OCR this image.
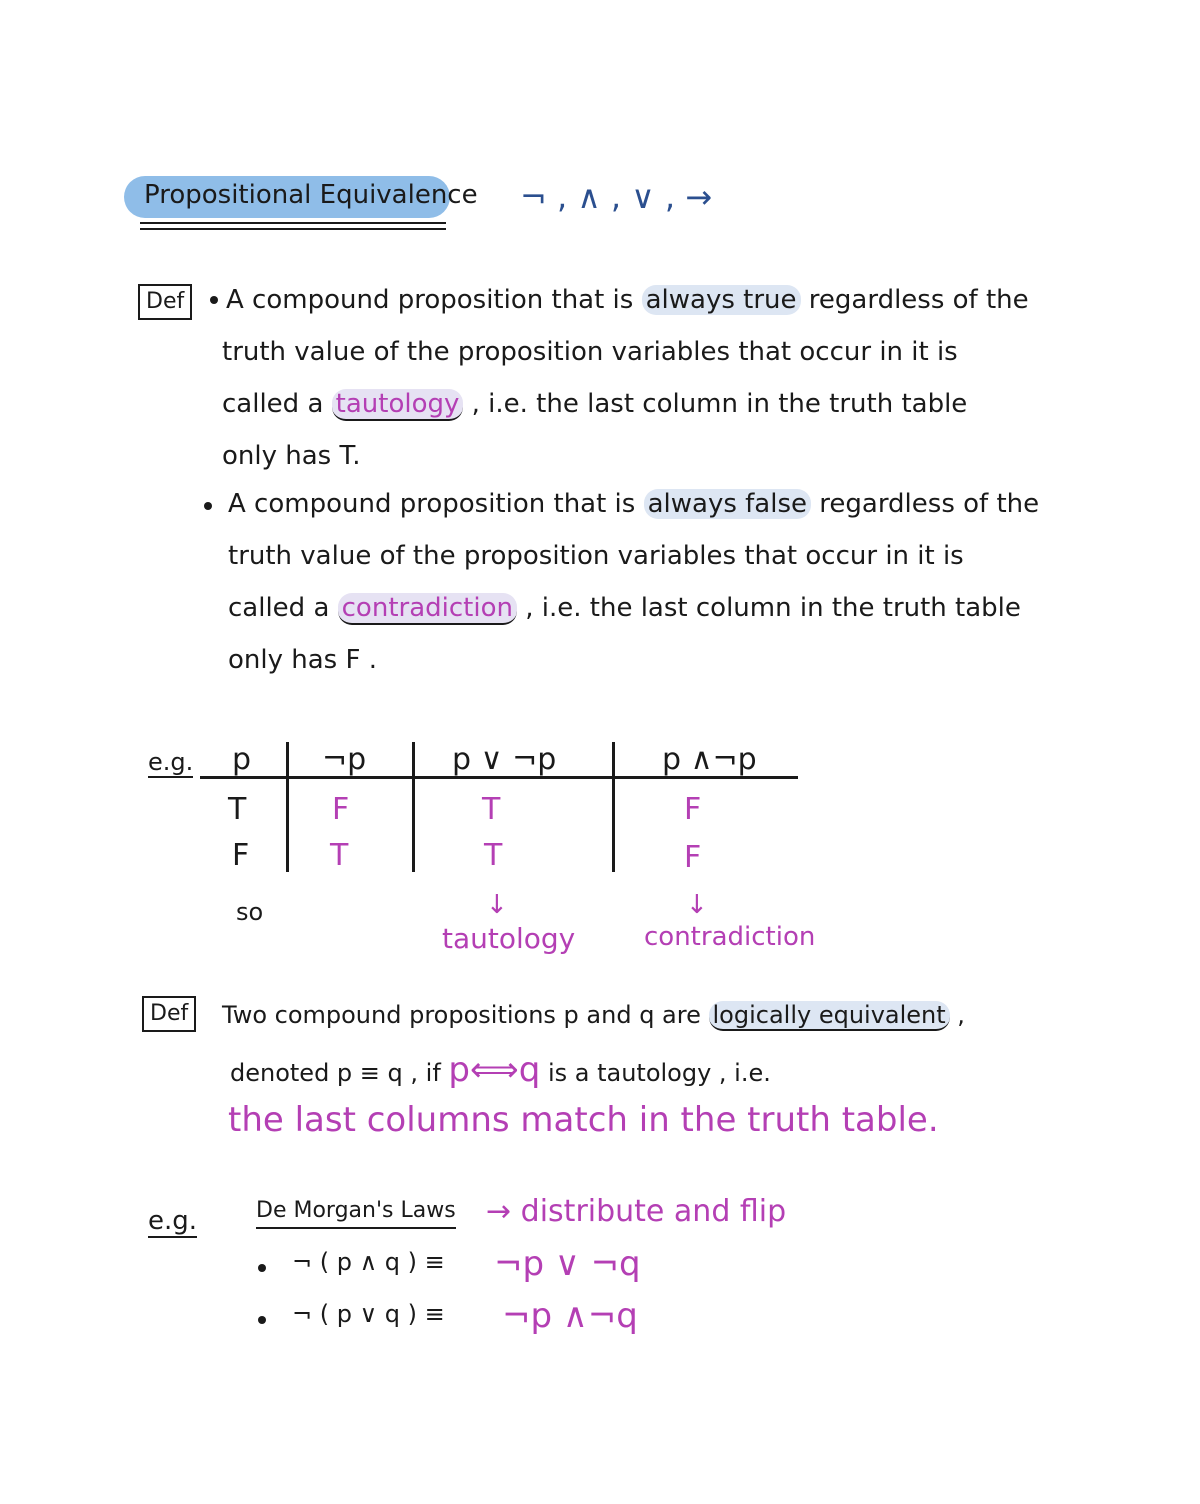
Propositional Equivalence ¬ , ∧ , ∨ , →
Def	A compound proposition that is always true regardless of the
truth value of the proposition variables that occur in it is
called a tautology , i.e. the last column in the truth table
only has T.
A compound proposition that is always false regardless of the
truth value of the proposition variables that occur in it is
called a contradiction , i.e. the last column in the truth table
only has F .
e.g. p ¬p	p ∨ ¬p	p ∧¬p
T	F	T	F
F	T	T	F
so	↓	↓
tautology	contradiction
Def	Two compound propositions p and q are logically equivalent ,
denoted p ≡ q , if p⟺q is a tautology , i.e.
the last columns match in the truth table.
e.g.	De Morgan's Laws → distribute and flip
¬ ( p ∧ q ) ≡ ¬p ∨ ¬q
¬ ( p ∨ q ) ≡ ¬p ∧¬q
